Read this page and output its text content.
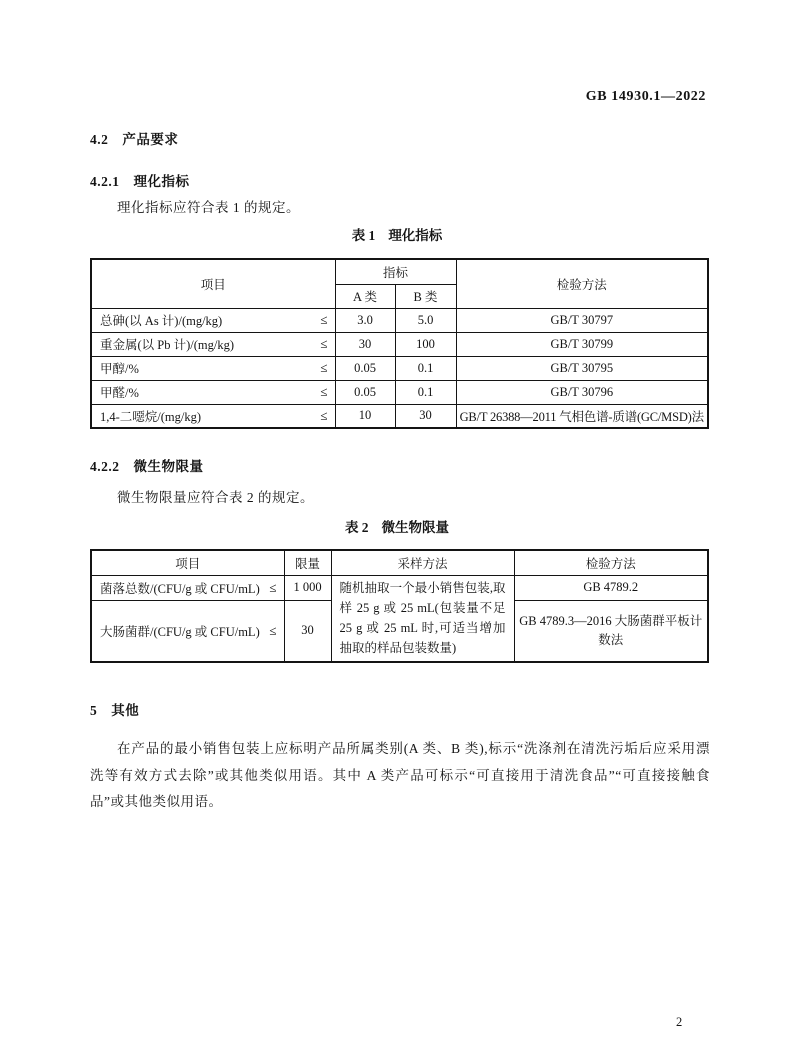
GB 14930.1—2022
4.2 产品要求
4.2.1 理化指标
理化指标应符合表 1 的规定。
表 1 理化指标
项目	指标		检验方法
	A 类	B 类	

总砷(以 As 计)/(mg/kg) ≤	3.0	5.0	GB/T 30797

重金属(以 Pb 计)/(mg/kg) ≤	30	100	GB/T 30799

甲醇/% ≤	0.05	0.1	GB/T 30795

甲醛/% ≤	0.05	0.1	GB/T 30796

1,4-二噁烷/(mg/kg) ≤	10	30	GB/T 26388—2011 气相色谱-质谱(GC/MSD)法
4.2.2 微生物限量
微生物限量应符合表 2 的规定。
表 2 微生物限量
项目	限量	采样方法	检验方法

菌落总数/(CFU/g 或 CFU/mL) ≤	1 000	随机抽取一个最小销售包装,取样 25 g 或 25 mL(包装量不足 25 g 或 25 mL 时,可适当增加抽取的样品包装数量)	GB 4789.2

大肠菌群/(CFU/g 或 CFU/mL) ≤	30		GB 4789.3—2016 大肠菌群平板计数法
5 其他
在产品的最小销售包装上应标明产品所属类别(A 类、B 类),标示“洗涤剂在清洗污垢后应采用漂洗等有效方式去除”或其他类似用语。其中 A 类产品可标示“可直接用于清洗食品”“可直接接触食品”或其他类似用语。
2
